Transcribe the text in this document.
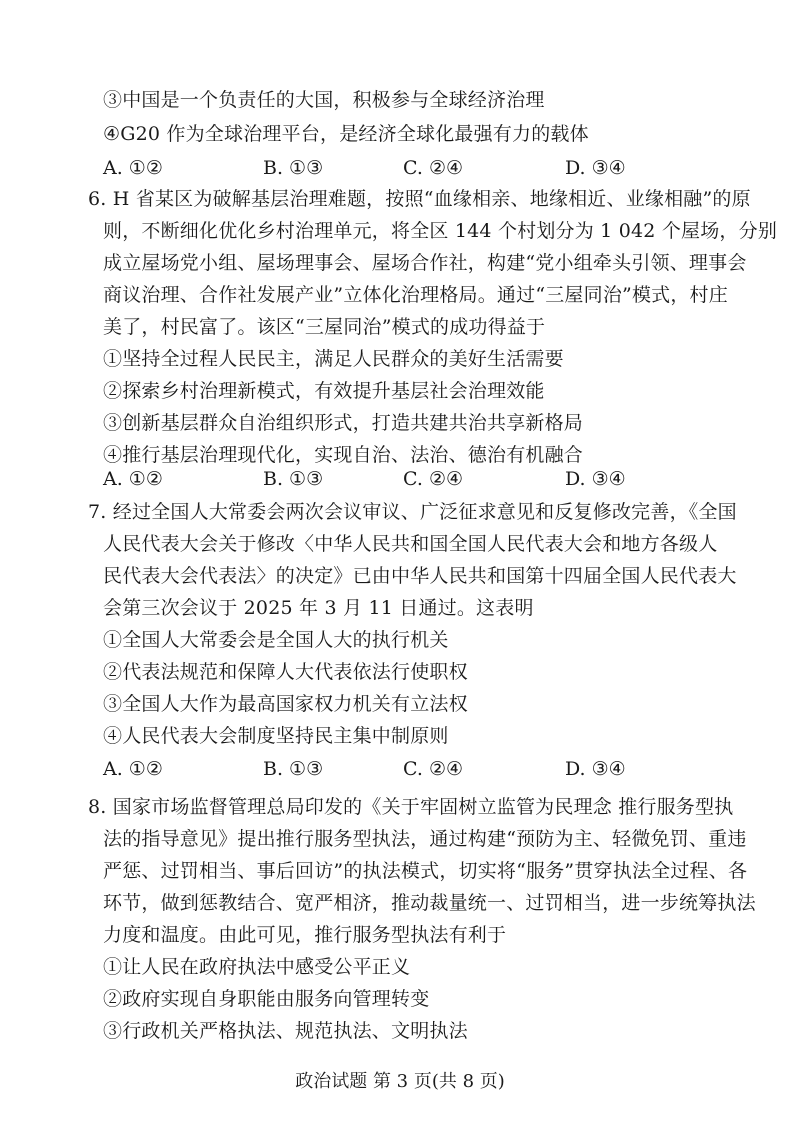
③中国是一个负责任的大国，积极参与全球经济治理
④G20 作为全球治理平台，是经济全球化最强有力的载体
A. ①②	B. ①③	C. ②④	D. ③④
6. H 省某区为破解基层治理难题，按照“血缘相亲、地缘相近、业缘相融”的原
则，不断细化优化乡村治理单元，将全区 144 个村划分为 1 042 个屋场，分别
成立屋场党小组、屋场理事会、屋场合作社，构建“党小组牵头引领、理事会
商议治理、合作社发展产业”立体化治理格局。通过“三屋同治”模式，村庄
美了，村民富了。该区“三屋同治”模式的成功得益于
①坚持全过程人民民主，满足人民群众的美好生活需要
②探索乡村治理新模式，有效提升基层社会治理效能
③创新基层群众自治组织形式，打造共建共治共享新格局
④推行基层治理现代化，实现自治、法治、德治有机融合
A. ①②	B. ①③	C. ②④	D. ③④
7. 经过全国人大常委会两次会议审议、广泛征求意见和反复修改完善，《全国
人民代表大会关于修改〈中华人民共和国全国人民代表大会和地方各级人
民代表大会代表法〉的决定》已由中华人民共和国第十四届全国人民代表大
会第三次会议于 2025 年 3 月 11 日通过。这表明
①全国人大常委会是全国人大的执行机关
②代表法规范和保障人大代表依法行使职权
③全国人大作为最高国家权力机关有立法权
④人民代表大会制度坚持民主集中制原则
A. ①②	B. ①③	C. ②④	D. ③④
8. 国家市场监督管理总局印发的《关于牢固树立监管为民理念 推行服务型执
法的指导意见》提出推行服务型执法，通过构建“预防为主、轻微免罚、重违
严惩、过罚相当、事后回访”的执法模式，切实将“服务”贯穿执法全过程、各
环节，做到惩教结合、宽严相济，推动裁量统一、过罚相当，进一步统筹执法
力度和温度。由此可见，推行服务型执法有利于
①让人民在政府执法中感受公平正义
②政府实现自身职能由服务向管理转变
③行政机关严格执法、规范执法、文明执法
政治试题 第 3 页(共 8 页)
